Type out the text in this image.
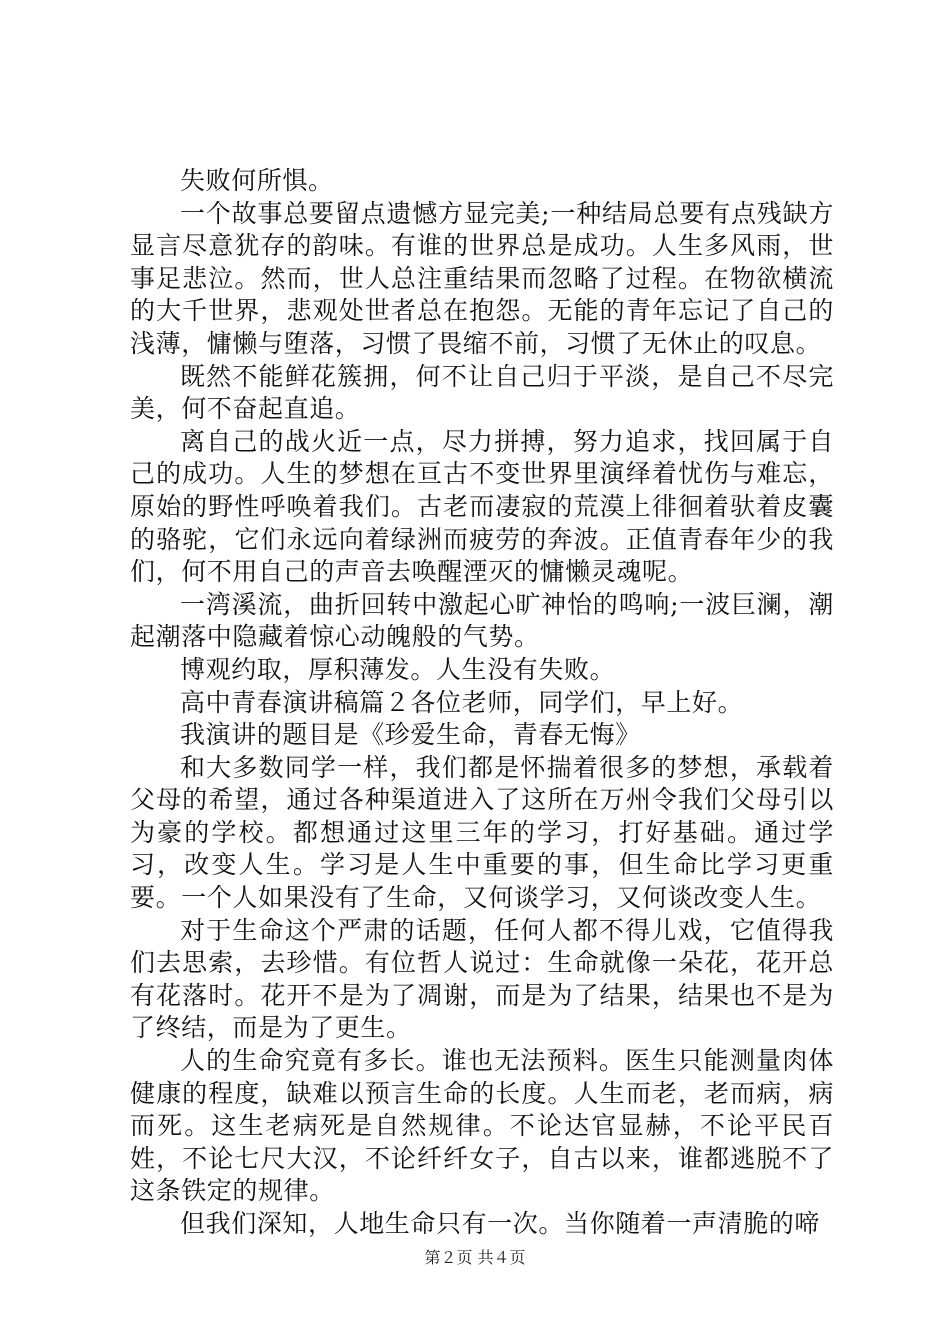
失败何所惧。

一个故事总要留点遗憾方显完美;一种结局总要有点残缺方显言尽意犹存的韵味。有谁的世界总是成功。人生多风雨，世事足悲泣。然而，世人总注重结果而忽略了过程。在物欲横流的大千世界，悲观处世者总在抱怨。无能的青年忘记了自己的浅薄，慵懒与堕落，习惯了畏缩不前，习惯了无休止的叹息。

既然不能鲜花簇拥，何不让自己归于平淡，是自己不尽完美，何不奋起直追。

离自己的战火近一点，尽力拼搏，努力追求，找回属于自己的成功。人生的梦想在亘古不变世界里演绎着忧伤与难忘，原始的野性呼唤着我们。古老而凄寂的荒漠上徘徊着驮着皮囊的骆驼，它们永远向着绿洲而疲劳的奔波。正值青春年少的我们，何不用自己的声音去唤醒湮灭的慵懒灵魂呢。

一湾溪流，曲折回转中激起心旷神怡的鸣响;一波巨澜，潮起潮落中隐藏着惊心动魄般的气势。

博观约取，厚积薄发。人生没有失败。

高中青春演讲稿篇２各位老师，同学们，早上好。

我演讲的题目是《珍爱生命，青春无悔》

和大多数同学一样，我们都是怀揣着很多的梦想，承载着父母的希望，通过各种渠道进入了这所在万州令我们父母引以为豪的学校。都想通过这里三年的学习，打好基础。通过学习，改变人生。学习是人生中重要的事，但生命比学习更重要。一个人如果没有了生命，又何谈学习，又何谈改变人生。

对于生命这个严肃的话题，任何人都不得儿戏，它值得我们去思索，去珍惜。有位哲人说过：生命就像一朵花，花开总有花落时。花开不是为了凋谢，而是为了结果，结果也不是为了终结，而是为了更生。

人的生命究竟有多长。谁也无法预料。医生只能测量肉体健康的程度，缺难以预言生命的长度。人生而老，老而病，病而死。这生老病死是自然规律。不论达官显赫，不论平民百姓，不论七尺大汉，不论纤纤女子，自古以来，谁都逃脱不了这条铁定的规律。

但我们深知，人地生命只有一次。当你随着一声清脆的啼

第２页 共４页
